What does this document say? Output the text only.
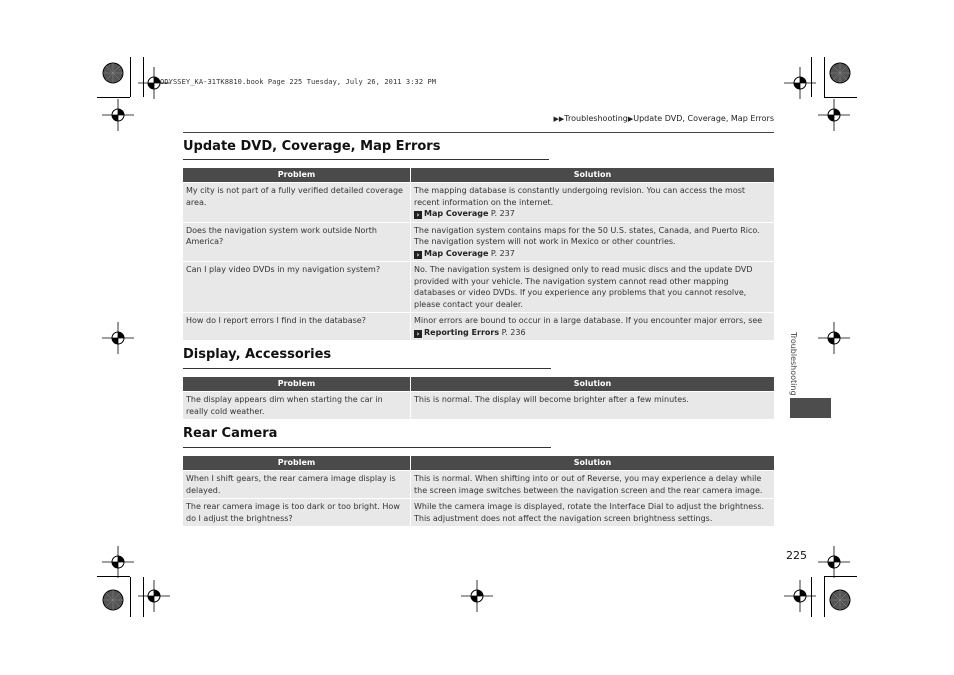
ODYSSEY_KA-31TK8810.book Page 225 Tuesday, July 26, 2011 3:32 PM
▶▶Troubleshooting▶Update DVD, Coverage, Map Errors
Update DVD, Coverage, Map Errors
Problem	Solution
My city is not part of a fully verified detailed coverage area.	The mapping database is constantly undergoing revision. You can access the most recent information on the internet.
› Map Coverage P. 237

Does the navigation system work outside North America?	The navigation system contains maps for the 50 U.S. states, Canada, and Puerto Rico. The navigation system will not work in Mexico or other countries.
› Map Coverage P. 237

Can I play video DVDs in my navigation system?	No. The navigation system is designed only to read music discs and the update DVD provided with your vehicle. The navigation system cannot read other mapping databases or video DVDs. If you experience any problems that you cannot resolve, please contact your dealer.
How do I report errors I find in the database?	Minor errors are bound to occur in a large database. If you encounter major errors, see
› Reporting Errors P. 236
Display, Accessories
Problem	Solution
The display appears dim when starting the car in really cold weather.	This is normal. The display will become brighter after a few minutes.
Rear Camera
Problem	Solution
When I shift gears, the rear camera image display is delayed.	This is normal. When shifting into or out of Reverse, you may experience a delay while the screen image switches between the navigation screen and the rear camera image.
The rear camera image is too dark or too bright. How do I adjust the brightness?	While the camera image is displayed, rotate the Interface Dial to adjust the brightness. This adjustment does not affect the navigation screen brightness settings.
Troubleshooting
225
